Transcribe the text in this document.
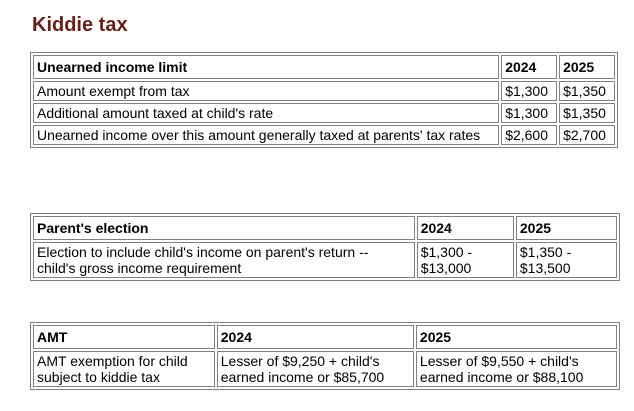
Kiddie tax
Unearned income limit	2024	2025
Amount exempt from tax	$1,300	$1,350
Additional amount taxed at child's rate	$1,300	$1,350
Unearned income over this amount generally taxed at parents' tax rates	$2,600	$2,700
Parent's election	2024	2025
Election to include child's income on parent's return -- child's gross income requirement	$1,300 - $13,000	$1,350 - $13,500
AMT	2024	2025
AMT exemption for child subject to kiddie tax	Lesser of $9,250 + child's earned income or $85,700	Lesser of $9,550 + child's earned income or $88,100
